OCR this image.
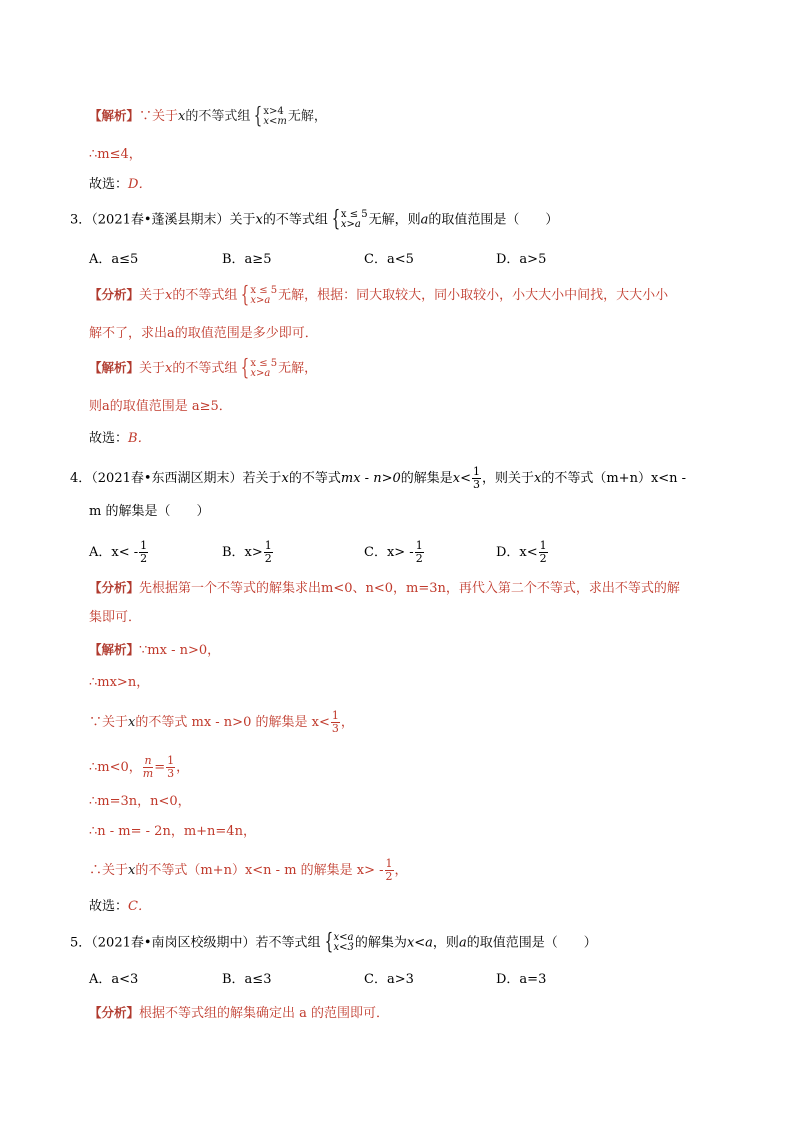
【解析】∵关于x的不等式组 { x>4
x<m 无解，
∴m≤4，
故选：D．
3．（2021春•蓬溪县期末）关于x的不等式组 { x ≤ 5
x>a 无解，则a的取值范围是（　　）
A．a≤5	B．a≥5	C．a<5	D．a>5
【分析】关于x的不等式组 { x ≤ 5
x>a 无解，根据：同大取较大，同小取较小，小大大小中间找，大大小小
解不了，求出a的取值范围是多少即可．
【解析】关于x的不等式组 { x ≤ 5
x>a 无解，
则a的取值范围是 a≥5．
故选：B．
4．（2021春•东西湖区期末）若关于x的不等式mx - n>0的解集是$x< \frac{1}{3}$ ，则关于x的不等式（m+n）x<n -
m 的解集是（　　）
A．$x< - \frac{1}{2}$	B．$x> \frac{1}{2}$	C．$x> - \frac{1}{2}$	D．$x< \frac{1}{2}$
【分析】先根据第一个不等式的解集求出m<0、n<0，m=3n，再代入第二个不等式，求出不等式的解
集即可．
【解析】∵mx - n>0，
∴mx>n，
∵关于x的不等式 mx - n>0 的解集是 $x< \frac{1}{3}$ ，
∴m<0， $\frac{n}{m} = \frac{1}{3}$ ，
∴m=3n，n<0，
∴n - m= - 2n，m+n=4n，
∴关于x的不等式（m+n）x<n - m 的解集是 $x> - \frac{1}{2}$ ，
故选：C．
5．（2021春•南岗区校级期中）若不等式组 { x<a
x<3 的解集为x<a，则a的取值范围是（　　）
A．a<3	B．a≤3	C．a>3	D．a=3
【分析】根据不等式组的解集确定出 a 的范围即可．
